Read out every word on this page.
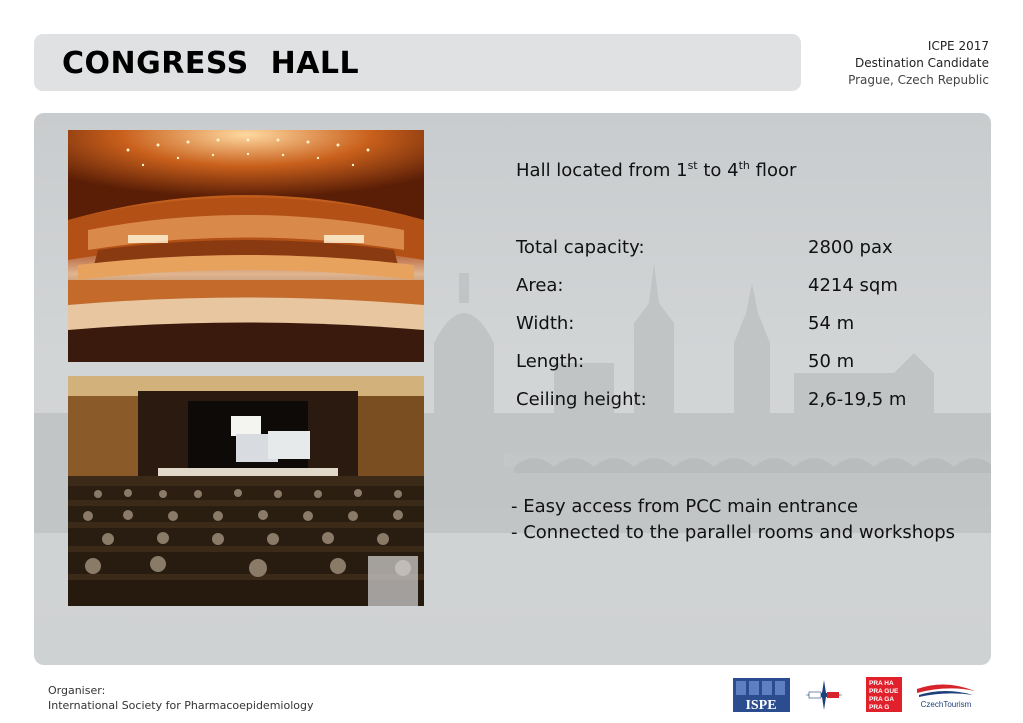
CONGRESS  HALL	ICPE 2017
Destination Candidate
Prague, Czech Republic
Hall located from 1st to 4th floor
Total capacity:	2800 pax
Area:	4214 sqm
Width:	54 m
Length:	50 m
Ceiling height:	2,6-19,5 m
- Easy access from PCC main entrance
- Connected to the parallel rooms and workshops
Organiser:
International Society for Pharmacoepidemiology	ISPE
PRA HA
PRA GUE
PRA GA
PRA G	CzechTourism
